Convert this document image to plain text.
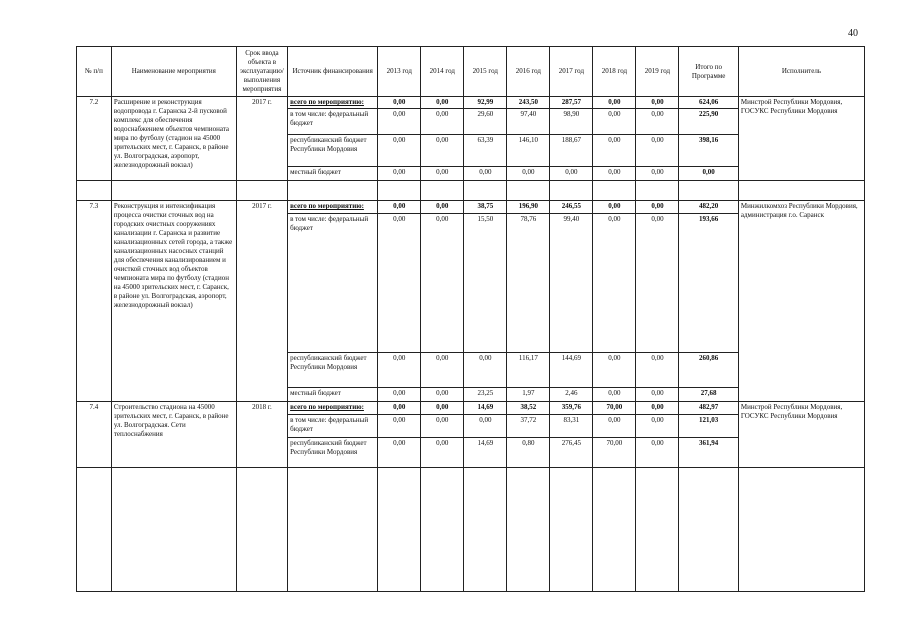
40
№ п/п	Наименование мероприятия	Срок ввода объекта в эксплуатацию/ выполнения мероприятия	Источник финансирования	2013 год	2014 год	2015 год	2016 год	2017 год	2018 год	2019 год	Итого по Программе	Исполнитель
7.2	Расширение и реконструкция водопровода г. Саранска 2-й пусковой комплекс для обеспечения водоснабжением объектов чемпионата мира по футболу (стадион на 45000 зрительских мест, г. Саранск, в районе ул. Волгоградская, аэропорт, железнодорожный вокзал)	2017 г.	всего по мероприятию:	0,00	0,00	92,99	243,50	287,57	0,00	0,00	624,06	Минстрой Республики Мордовия, ГОСУКС Республики Мордовия
			в том числе: федеральный бюджет	0,00	0,00	29,60	97,40	98,90	0,00	0,00	225,90	
			республиканский бюджет Республики Мордовия	0,00	0,00	63,39	146,10	188,67	0,00	0,00	398,16	
			местный бюджет	0,00	0,00	0,00	0,00	0,00	0,00	0,00	0,00	

7.3	Реконструкция и интенсификация процесса очистки сточных вод на городских очистных сооружениях канализации г. Саранска и развитие канализационных сетей города, а также канализационных насосных станций для обеспечения канализированием и очисткой сточных вод объектов чемпионата мира по футболу (стадион на 45000 зрительских мест, г. Саранск, в районе ул. Волгоградская, аэропорт, железнодорожный вокзал)	2017 г.	всего по мероприятию:	0,00	0,00	38,75	196,90	246,55	0,00	0,00	482,20	Минжилкомхоз Республики Мордовия, администрация г.о. Саранск
			в том числе: федеральный бюджет	0,00	0,00	15,50	78,76	99,40	0,00	0,00	193,66	
			республиканский бюджет Республики Мордовия	0,00	0,00	0,00	116,17	144,69	0,00	0,00	260,86	
			местный бюджет	0,00	0,00	23,25	1,97	2,46	0,00	0,00	27,68	
7.4	Строительство стадиона на 45000 зрительских мест, г. Саранск, в районе ул. Волгоградская. Сети теплоснабжения	2018 г.	всего по мероприятию:	0,00	0,00	14,69	38,52	359,76	70,00	0,00	482,97	Минстрой Республики Мордовия, ГОСУКС Республики Мордовия
			в том числе: федеральный бюджет	0,00	0,00	0,00	37,72	83,31	0,00	0,00	121,03	
			республиканский бюджет Республики Мордовия	0,00	0,00	14,69	0,80	276,45	70,00	0,00	361,94	
